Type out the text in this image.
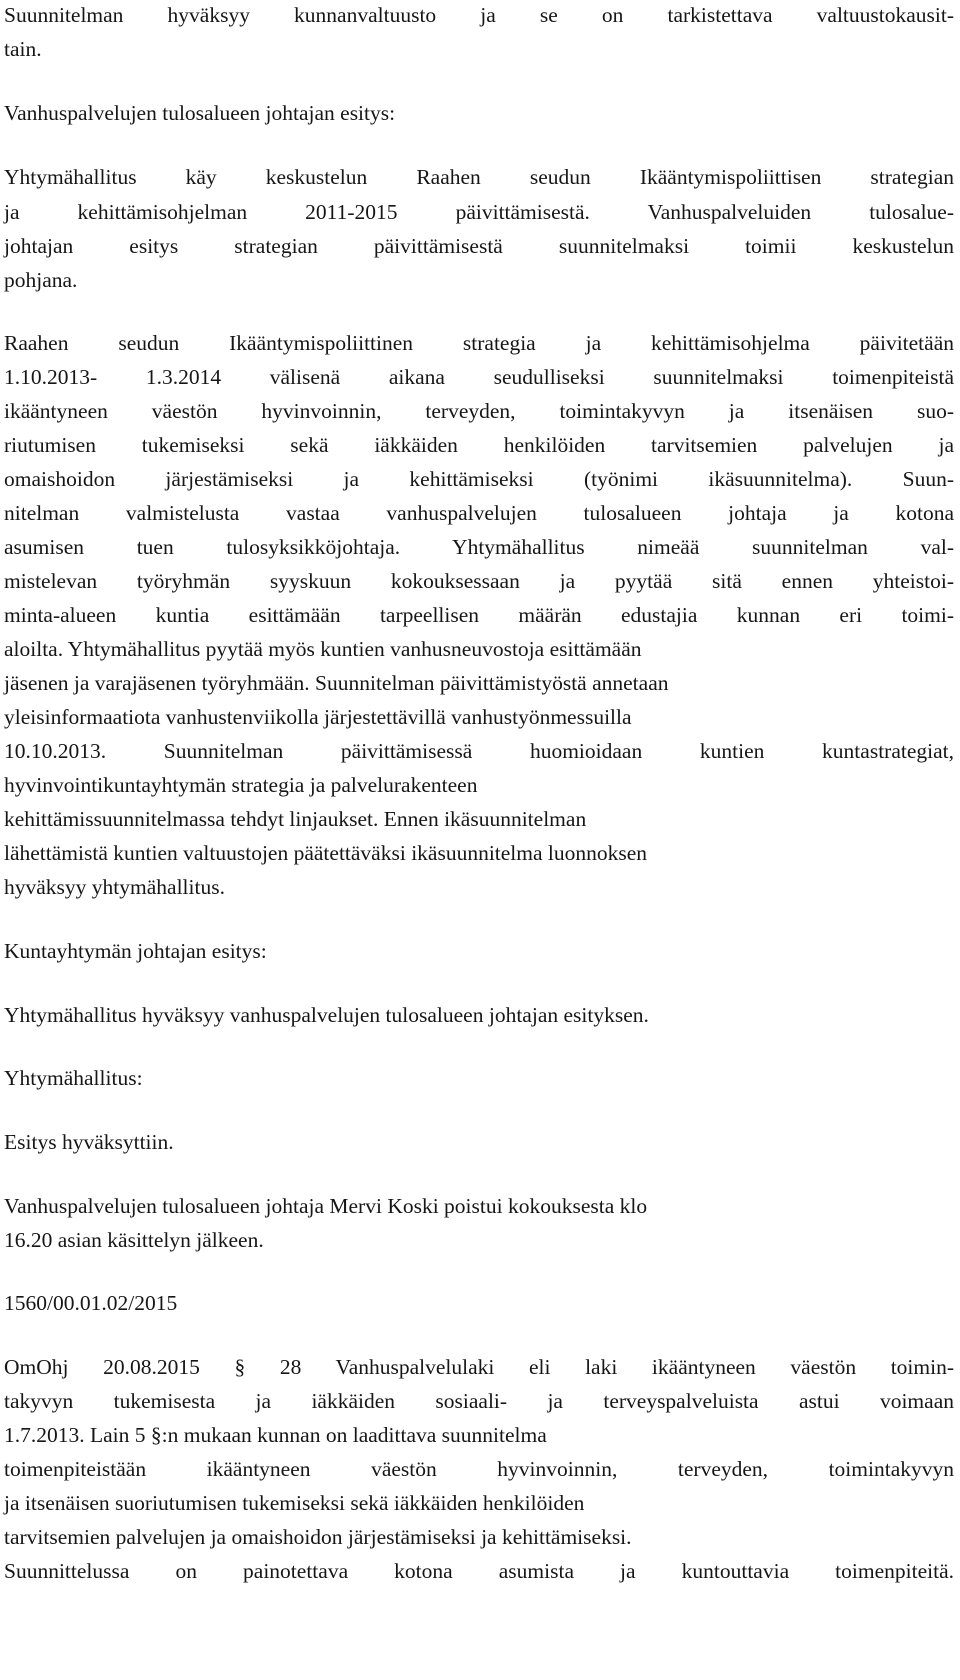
Suunnitelman hyväksyy kunnanvaltuusto ja se on tarkistettava valtuustokausit-
tain.
Vanhuspalvelujen tulosalueen johtajan esitys:
Yhtymähallitus käy keskustelun Raahen seudun Ikääntymispoliittisen strategian
ja kehittämisohjelman 2011-2015 päivittämisestä. Vanhuspalveluiden tulosalue-
johtajan esitys strategian päivittämisestä suunnitelmaksi toimii keskustelun
pohjana.
Raahen seudun Ikääntymispoliittinen strategia ja kehittämisohjelma päivitetään
1.10.2013- 1.3.2014 välisenä aikana seudulliseksi suunnitelmaksi toimenpiteistä
ikääntyneen väestön hyvinvoinnin, terveyden, toimintakyvyn ja itsenäisen suo-
riutumisen tukemiseksi sekä iäkkäiden henkilöiden tarvitsemien palvelujen ja
omaishoidon järjestämiseksi ja kehittämiseksi (työnimi ikäsuunnitelma). Suun-
nitelman valmistelusta vastaa vanhuspalvelujen tulosalueen johtaja ja kotona
asumisen tuen tulosyksikköjohtaja. Yhtymähallitus nimeää suunnitelman val-
mistelevan työryhmän syyskuun kokouksessaan ja pyytää sitä ennen yhteistoi-
minta-alueen kuntia esittämään tarpeellisen määrän edustajia kunnan eri toimi-
aloilta. Yhtymähallitus pyytää myös kuntien vanhusneuvostoja esittämään
jäsenen ja varajäsenen työryhmään. Suunnitelman päivittämistyöstä annetaan
yleisinformaatiota vanhustenviikolla järjestettävillä vanhustyönmessuilla
10.10.2013. Suunnitelman päivittämisessä huomioidaan kuntien kuntastrategiat,
hyvinvointikuntayhtymän strategia ja palvelurakenteen
kehittämissuunnitelmassa tehdyt linjaukset. Ennen ikäsuunnitelman
lähettämistä kuntien valtuustojen päätettäväksi ikäsuunnitelma luonnoksen
hyväksyy yhtymähallitus.
Kuntayhtymän johtajan esitys:
Yhtymähallitus hyväksyy vanhuspalvelujen tulosalueen johtajan esityksen.
Yhtymähallitus:
Esitys hyväksyttiin.
Vanhuspalvelujen tulosalueen johtaja Mervi Koski poistui kokouksesta klo
16.20 asian käsittelyn jälkeen.
1560/00.01.02/2015
OmOhj 20.08.2015 § 28 Vanhuspalvelulaki eli laki ikääntyneen väestön toimin-
takyvyn tukemisesta ja iäkkäiden sosiaali- ja terveyspalveluista astui voimaan
1.7.2013. Lain 5 §:n mukaan kunnan on laadittava suunnitelma
toimenpiteistään ikääntyneen väestön hyvinvoinnin, terveyden, toimintakyvyn
ja itsenäisen suoriutumisen tukemiseksi sekä iäkkäiden henkilöiden
tarvitsemien palvelujen ja omaishoidon järjestämiseksi ja kehittämiseksi.
Suunnittelussa on painotettava kotona asumista ja kuntouttavia toimenpiteitä.
